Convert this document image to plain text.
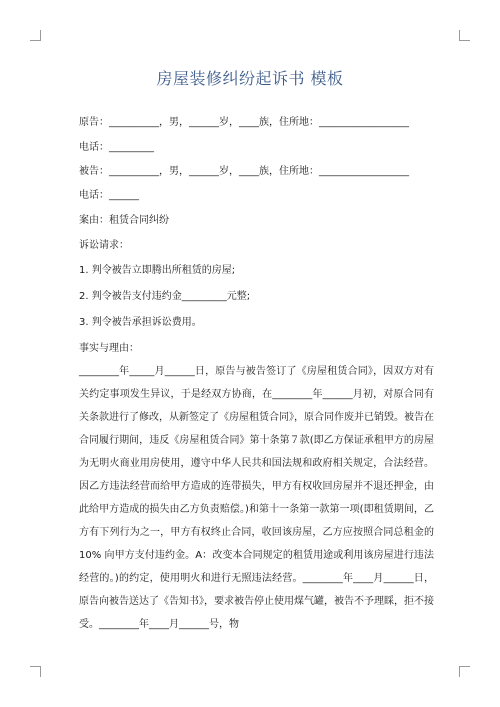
房屋装修纠纷起诉书 模板
原告：__________，男，______岁，____族，住所地：__________________
电话：_________
被告：__________，男，______岁，____族，住所地：__________________
电话：______
案由：租赁合同纠纷
诉讼请求：
1. 判令被告立即腾出所租赁的房屋;
2. 判令被告支付违约金_________元整;
3. 判令被告承担诉讼费用。
事实与理由：
________年_____月______日，原告与被告签订了《房屋租赁合同》，因双方对有关约定事项发生异议，于是经双方协商，在________年______月初，对原合同有关条款进行了修改，从新签定了《房屋租赁合同》，原合同作废并已销毁。被告在合同履行期间，违反《房屋租赁合同》第十条第７款(即乙方保证承租甲方的房屋为无明火商业用房使用，遵守中华人民共和国法规和政府相关规定，合法经营。因乙方违法经营而给甲方造成的连带损失，甲方有权收回房屋并不退还押金，由此给甲方造成的损失由乙方负责赔偿。)和第十一条第一款第一项(即租赁期间，乙方有下列行为之一，甲方有权终止合同，收回该房屋，乙方应按照合同总租金的10% 向甲方支付违约金。A：改变本合同规定的租赁用途或利用该房屋进行违法经营的。)的约定，使用明火和进行无照违法经营。________年____月______日，原告向被告送达了《告知书》，要求被告停止使用煤气罐，被告不予理睬，拒不接受。________年____月______号，物
